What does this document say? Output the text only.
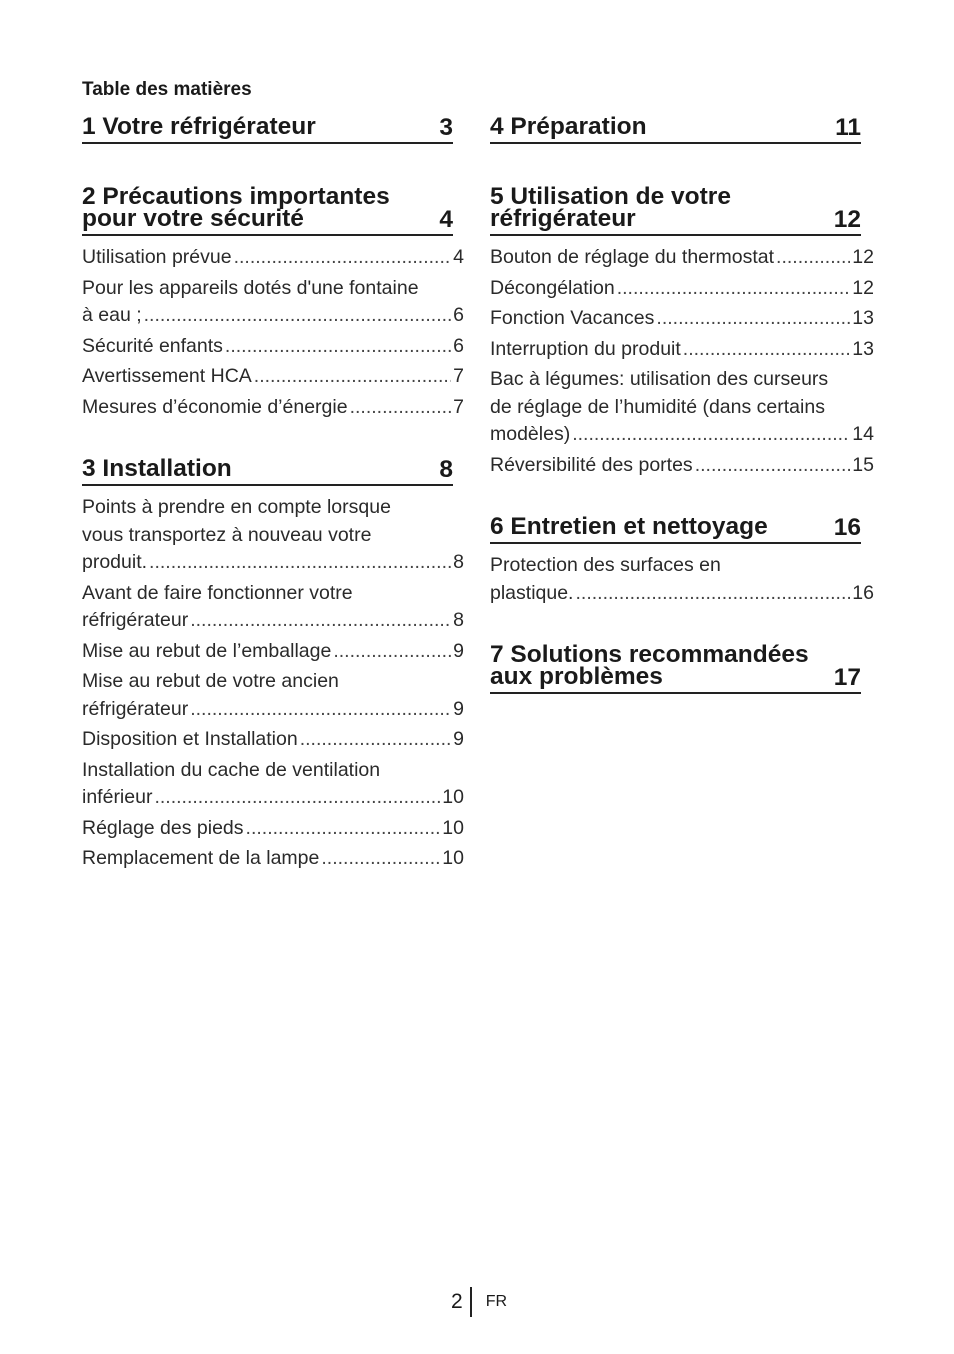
Table des matières
1 Votre réfrigérateur	3
2 Précautions importantes pour votre sécurité	4
Utilisation prévue .....	4
Pour les appareils dotés d'une fontaine
à eau ; .....	6
Sécurité enfants .....	6
Avertissement HCA .....	7
Mesures d’économie d’énergie .....	7
3 Installation	8
Points à prendre en compte lorsque
vous transportez à nouveau votre
produit. .....	8
Avant de faire fonctionner votre
réfrigérateur .....	8
Mise au rebut de l’emballage .....	9
Mise au rebut de votre ancien
réfrigérateur .....	9
Disposition et Installation .....	9
Installation du cache de ventilation
inférieur .....	10
Réglage des pieds .....	10
Remplacement de la lampe .....	10
4 Préparation	11
5 Utilisation de votre réfrigérateur	12
Bouton de réglage du thermostat .....	12
Décongélation .....	12
Fonction Vacances .....	13
Interruption du produit .....	13
Bac à légumes: utilisation des curseurs
de réglage de l’humidité (dans certains
modèles) .....	14
Réversibilité des portes .....	15
6 Entretien et nettoyage	16
Protection des surfaces en
plastique. .....	16
7 Solutions recommandées aux problèmes	17
2 FR
